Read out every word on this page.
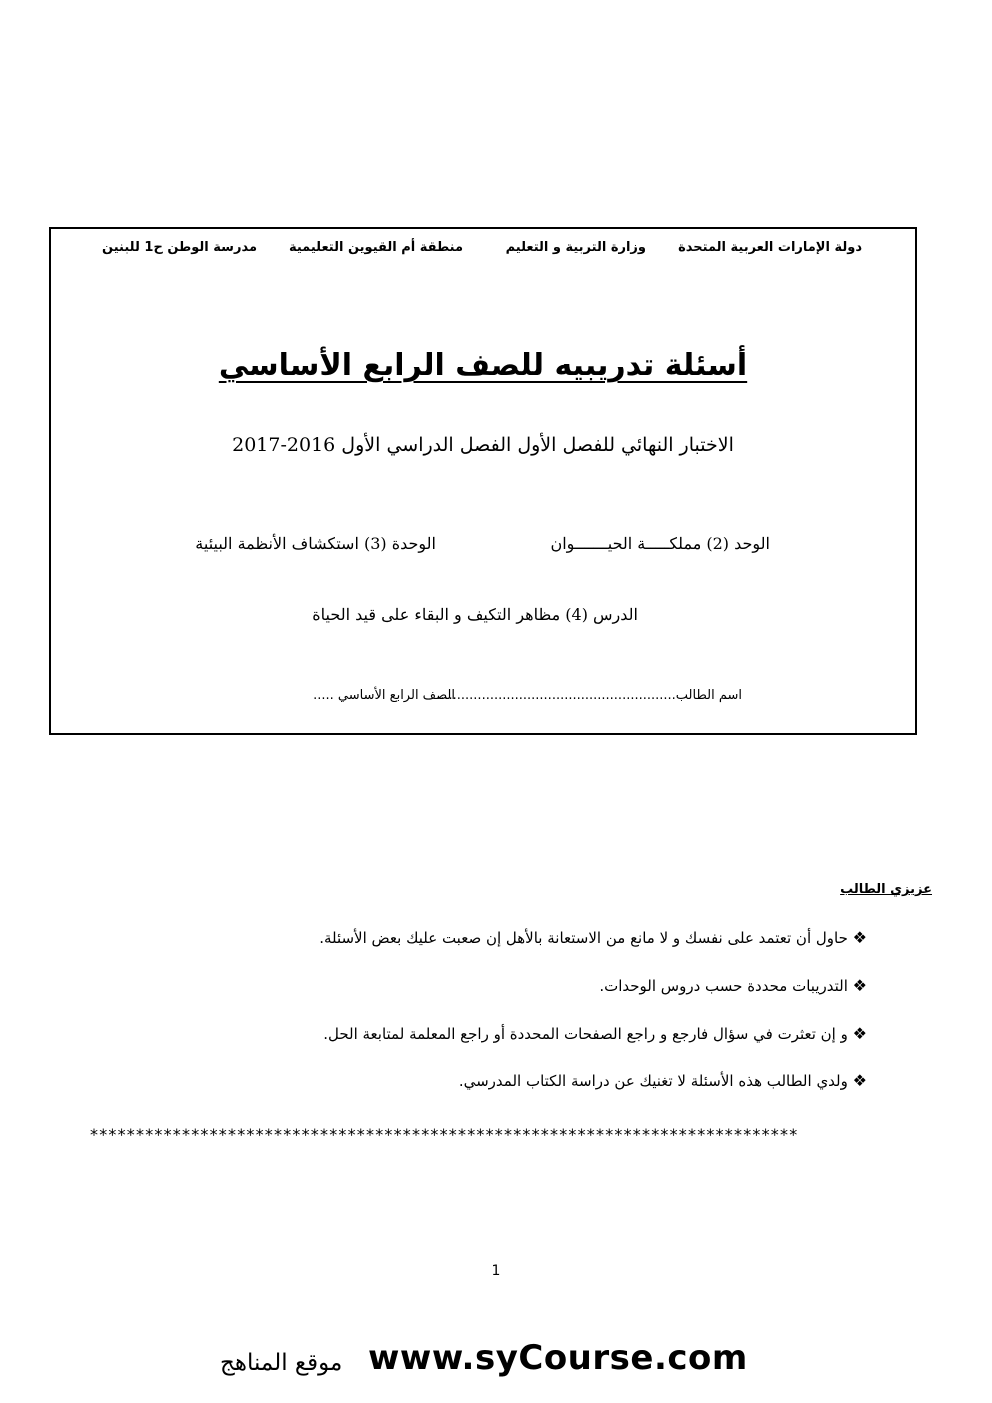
دولة الإمارات العربية المتحدة
وزارة التربية و التعليم
منطقة أم القيوين التعليمية
مدرسة الوطن ح1 للبنين
أسئلة تدريبيه للصف الرابع الأساسي
الاختبار النهائي للفصل الأول الفصل الدراسي الأول 2016-2017
الوحد (2) مملكـــــة الحيـــــــوان
الوحدة (3) استكشاف الأنظمة البيئية
الدرس (4) مظاهر التكيف و البقاء على قيد الحياة
اسم الطالب..........................................................
الصف الرابع الأساسي .....
عزيزي الطالب
❖ حاول أن تعتمد على نفسك و لا مانع من الاستعانة بالأهل إن صعبت عليك بعض الأسئلة.
❖ التدريبات محددة حسب دروس الوحدات.
❖ و إن تعثرت في سؤال فارجع و راجع الصفحات المحددة أو راجع المعلمة لمتابعة الحل.
❖ ولدي الطالب هذه الأسئلة لا تغنيك عن دراسة الكتاب المدرسي.
*****************************************************************************
1
www.syCourse.com
موقع المناهج
